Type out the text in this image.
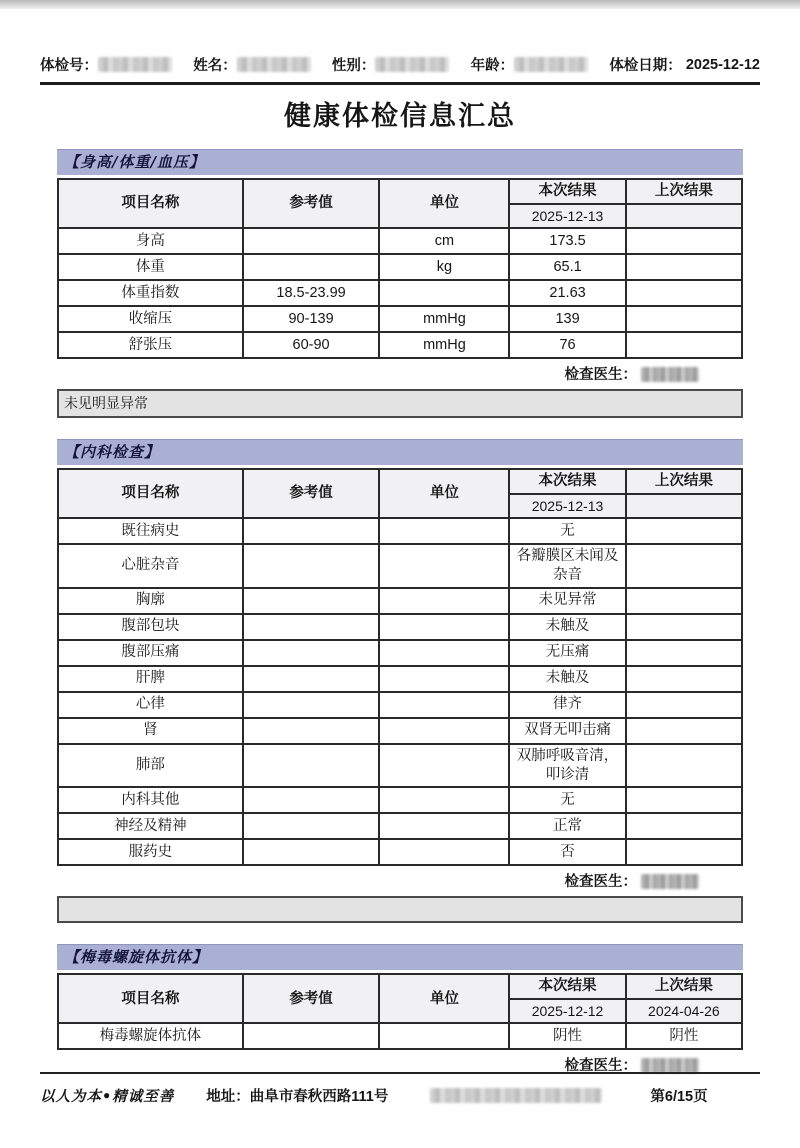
体检号：	姓名：	性别：	年龄：	体检日期： 2025-12-12
健康体检信息汇总
【身高/体重/血压】
项目名称	参考值	单位	本次结果	上次结果
			2025-12-13	
身高		cm	173.5	
体重		kg	65.1	
体重指数	18.5-23.99		21.63	
收缩压	90-139	mmHg	139	
舒张压	60-90	mmHg	76	
检查医生：
未见明显异常
【内科检查】
项目名称	参考值	单位	本次结果	上次结果
			2025-12-13	
既往病史			无	
心脏杂音			各瓣膜区未闻及杂音	
胸廓			未见异常	
腹部包块			未触及	
腹部压痛			无压痛	
肝脾			未触及	
心律			律齐	
肾			双肾无叩击痛	
肺部			双肺呼吸音清，叩诊清	
内科其他			无	
神经及精神			正常	
服药史			否	
检查医生：
【梅毒螺旋体抗体】
项目名称	参考值	单位	本次结果	上次结果
			2025-12-12	2024-04-26
梅毒螺旋体抗体			阴性	阴性
检查医生：
以人为本•精诚至善 地址：曲阜市春秋西路111号	第6/15页
